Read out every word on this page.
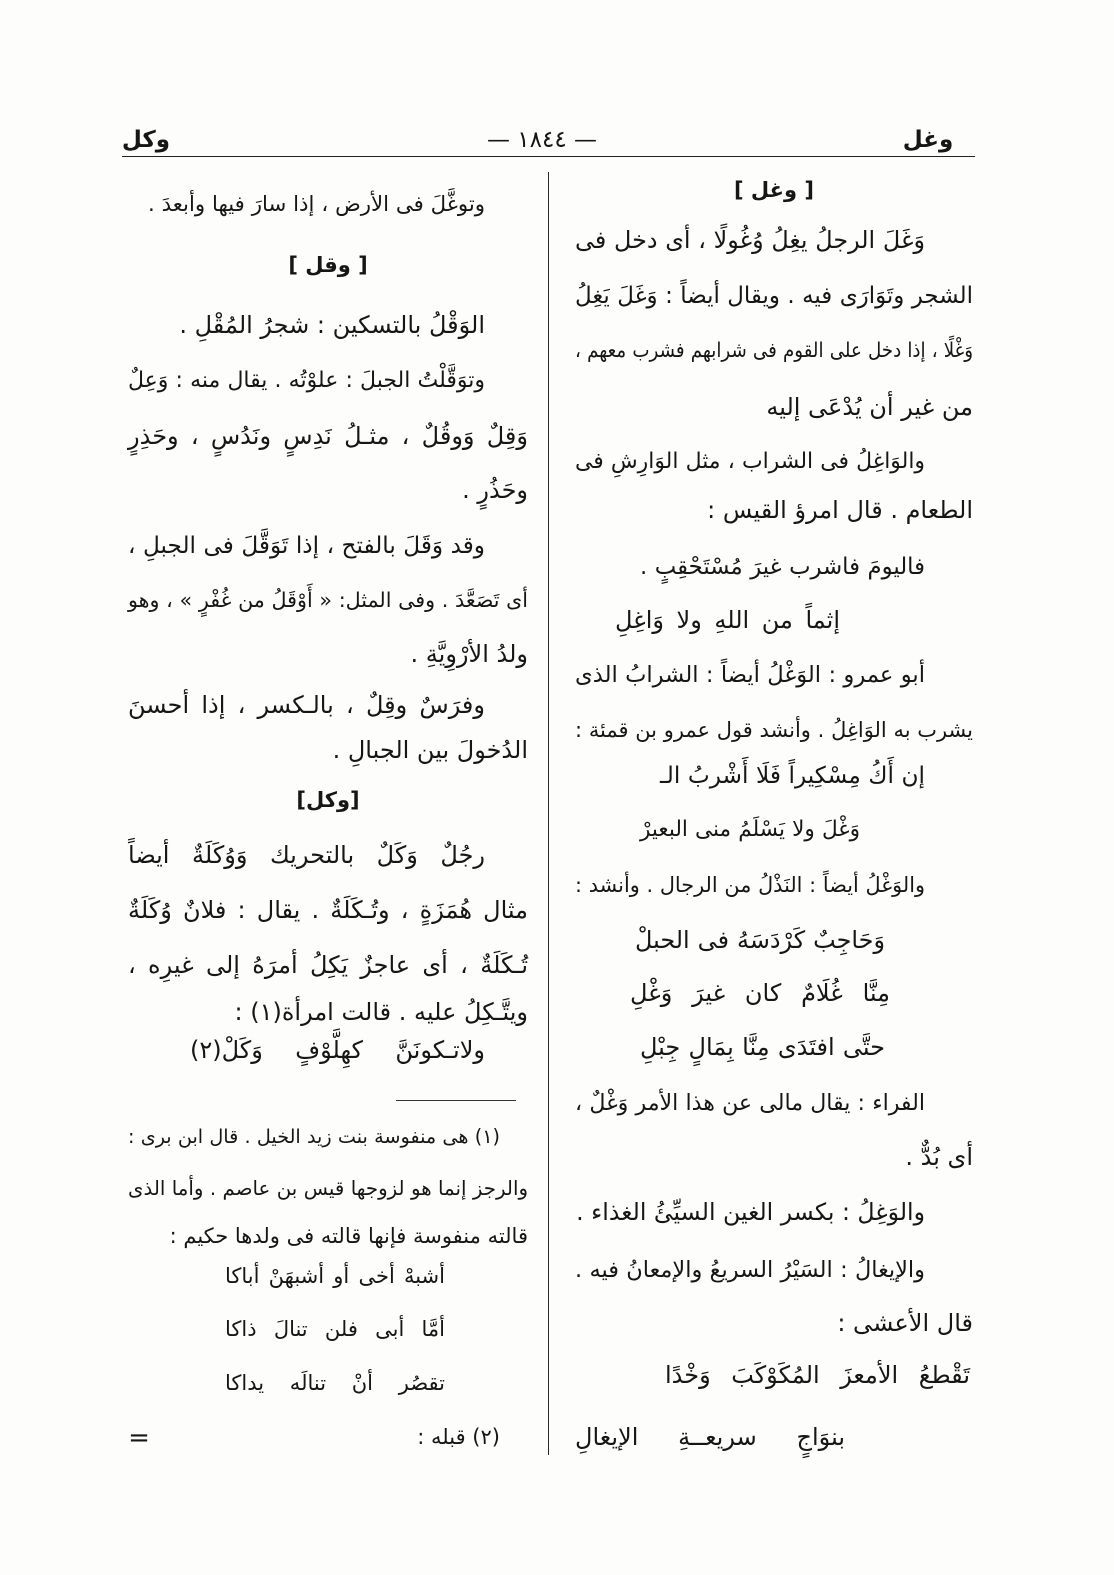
وغل
— ١٨٤٤ —
وكل
[ وغل ]
وَغَلَ الرجلُ يغِلُ وُغُولًا ، أى دخل فى
الشجر وتَوَارَى فيه . ويقال أيضاً : وَغَلَ يَغِلُ
وَغْلًا ، إذا دخل على القوم فى شرابهم فشرب معهم ،
من غير أن يُدْعَى إليه
والوَاغِلُ فى الشراب ، مثل الوَارِشِ فى
الطعام . قال امرؤ القيس :
فاليومَ فاشرب غيرَ مُسْتَحْقِبٍ .
إثماً من اللهِ ولا وَاغِلِ
أبو عمرو : الوَغْلُ أيضاً : الشرابُ الذى
يشرب به الوَاغِلُ . وأنشد قول عمرو بن قمئة :
إن أَكُ مِسْكِيراً فَلَا أَشْربُ الـ
وَغْلَ ولا يَسْلَمُ منى البعيرْ
والوَغْلُ أيضاً : النَذْلُ من الرجال . وأنشد :
وَحَاجِبٌ كَرْدَسَهُ فى الحبلْ
مِنَّا غُلَامٌ كان غيرَ وَغْلِ
حتَّى افتَدَى مِنَّا بِمَالٍ جِبْلِ
الفراء : يقال مالى عن هذا الأمر وَغْلٌ ،
أى بُدٌّ .
والوَغِلُ : بكسر الغين السيِّئُ الغذاء .
والإيغالُ : السَيْرُ السريعُ والإمعانُ فيه .
قال الأعشى :
تَقْطعُ الأمعزَ المُكَوْكَبَ وَخْدًا
بنوَاجٍ سريعــةِ الإيغالِ
وتوغَّلَ فى الأرض ، إذا سارَ فيها وأبعدَ .
[ وقل ]
الوَقْلُ بالتسكين : شجرُ المُقْلِ .
وتوَقَّلْتُ الجبلَ : علوْتُه . يقال منه : وَعِلٌ
وَقِلٌ وَوقُلٌ ، مثـلُ نَدِسٍ ونَدُسٍ ، وحَذِرٍ
وحَذُرٍ .
وقد وَقَلَ بالفتح ، إذا تَوَقَّلَ فى الجبلِ ،
أى تَصَعَّدَ . وفى المثل: « أَوْقَلُ من غُفْرٍ » ، وهو
ولدُ الأرْوِيَّةِ .
وفرَسٌ وقِلٌ ، بالـكسر ، إذا أحسنَ
الدُخولَ بين الجبالِ .
[وكل]
رجُلٌ وَكَلٌ بالتحريك وَوُكَلَةٌ أيضاً
مثال هُمَزَةٍ ، وتُـكَلَةٌ . يقال : فلانٌ وُكَلَةٌ
تُـكَلَةٌ ، أى عاجزٌ يَكِلُ أمرَهُ إلى غيرِه ،
ويتَّـكِلُ عليه . قالت امرأة(١) :
ولاتـكونَنَّ كهِلَّوْفٍ وَكَلْ(٢)
(١) هى منفوسة بنت زيد الخيل . قال ابن برى :
والرجز إنما هو لزوجها قيس بن عاصم . وأما الذى
قالته منفوسة فإنها قالته فى ولدها حكيم :
أشبهْ أخى أو أشبهَنْ أباكا
أمَّا أبى فلن تنالَ ذاكا
تقصُر أنْ تنالَه يداكا
(٢) قبله :
=
